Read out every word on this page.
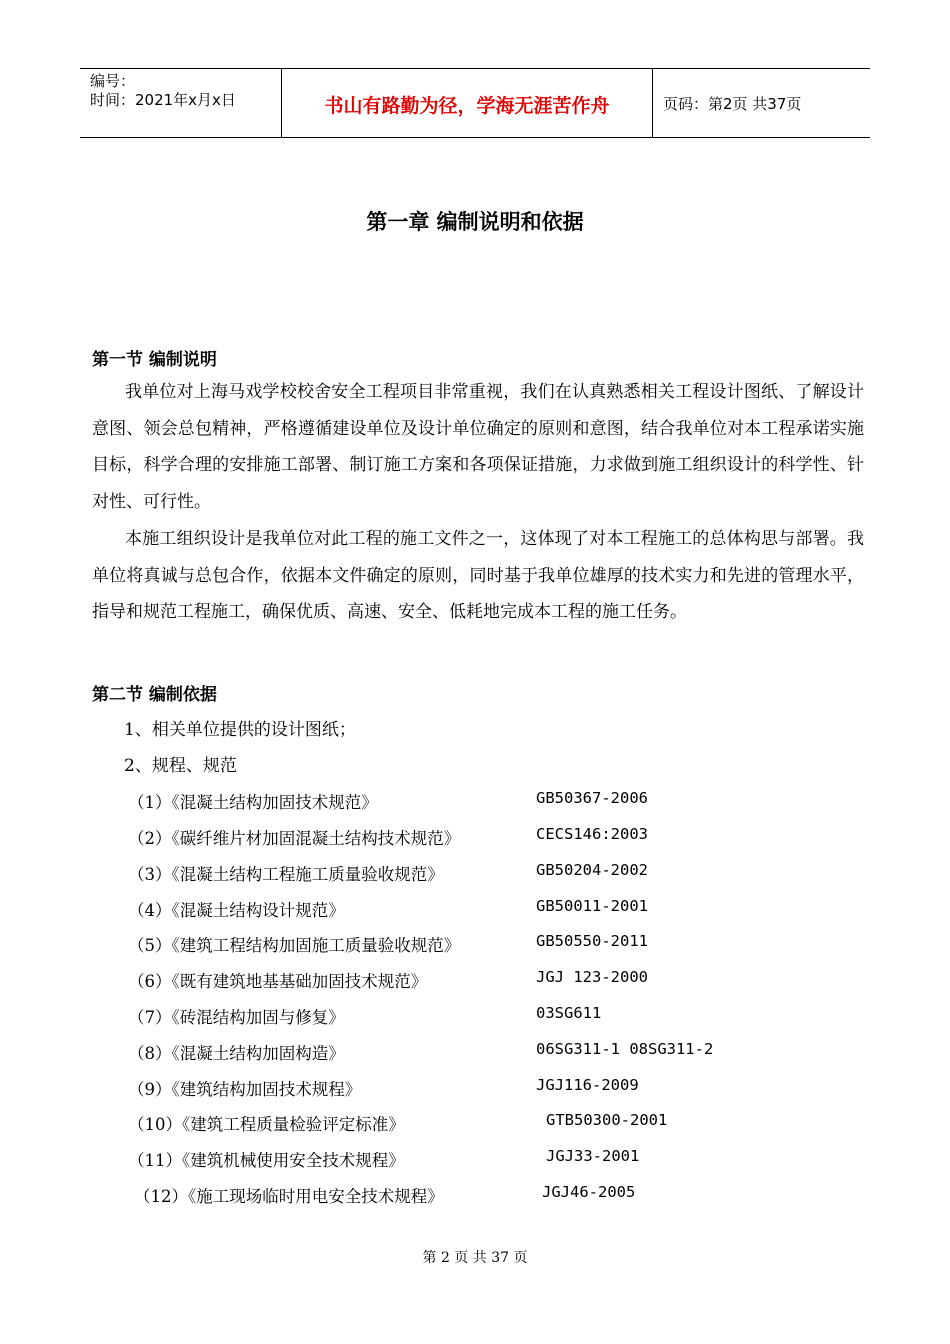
编号：
时间：2021年x月x日	书山有路勤为径，学海无涯苦作舟	页码：第2页 共37页
第一章 编制说明和依据
第一节 编制说明

我单位对上海马戏学校校舍安全工程项目非常重视，我们在认真熟悉相关工程设计图纸、了解设计意图、领会总包精神，严格遵循建设单位及设计单位确定的原则和意图，结合我单位对本工程承诺实施目标，科学合理的安排施工部署、制订施工方案和各项保证措施，力求做到施工组织设计的科学性、针对性、可行性。

本施工组织设计是我单位对此工程的施工文件之一，这体现了对本工程施工的总体构思与部署。我单位将真诚与总包合作，依据本文件确定的原则，同时基于我单位雄厚的技术实力和先进的管理水平，指导和规范工程施工，确保优质、高速、安全、低耗地完成本工程的施工任务。

第二节 编制依据
1、相关单位提供的设计图纸；
2、规程、规范
（1）《混凝土结构加固技术规范》	GB50367-2006
（2）《碳纤维片材加固混凝土结构技术规范》	CECS146:2003
（3）《混凝土结构工程施工质量验收规范》	GB50204-2002
（4）《混凝土结构设计规范》	GB50011-2001
（5）《建筑工程结构加固施工质量验收规范》	GB50550-2011
（6）《既有建筑地基基础加固技术规范》	JGJ 123-2000
（7）《砖混结构加固与修复》	03SG611
（8）《混凝土结构加固构造》	06SG311-1 08SG311-2
（9）《建筑结构加固技术规程》	JGJ116-2009
（10）《建筑工程质量检验评定标准》	GTB50300-2001
（11）《建筑机械使用安全技术规程》	JGJ33-2001
（12）《施工现场临时用电安全技术规程》	JGJ46-2005
第 2 页 共 37 页
